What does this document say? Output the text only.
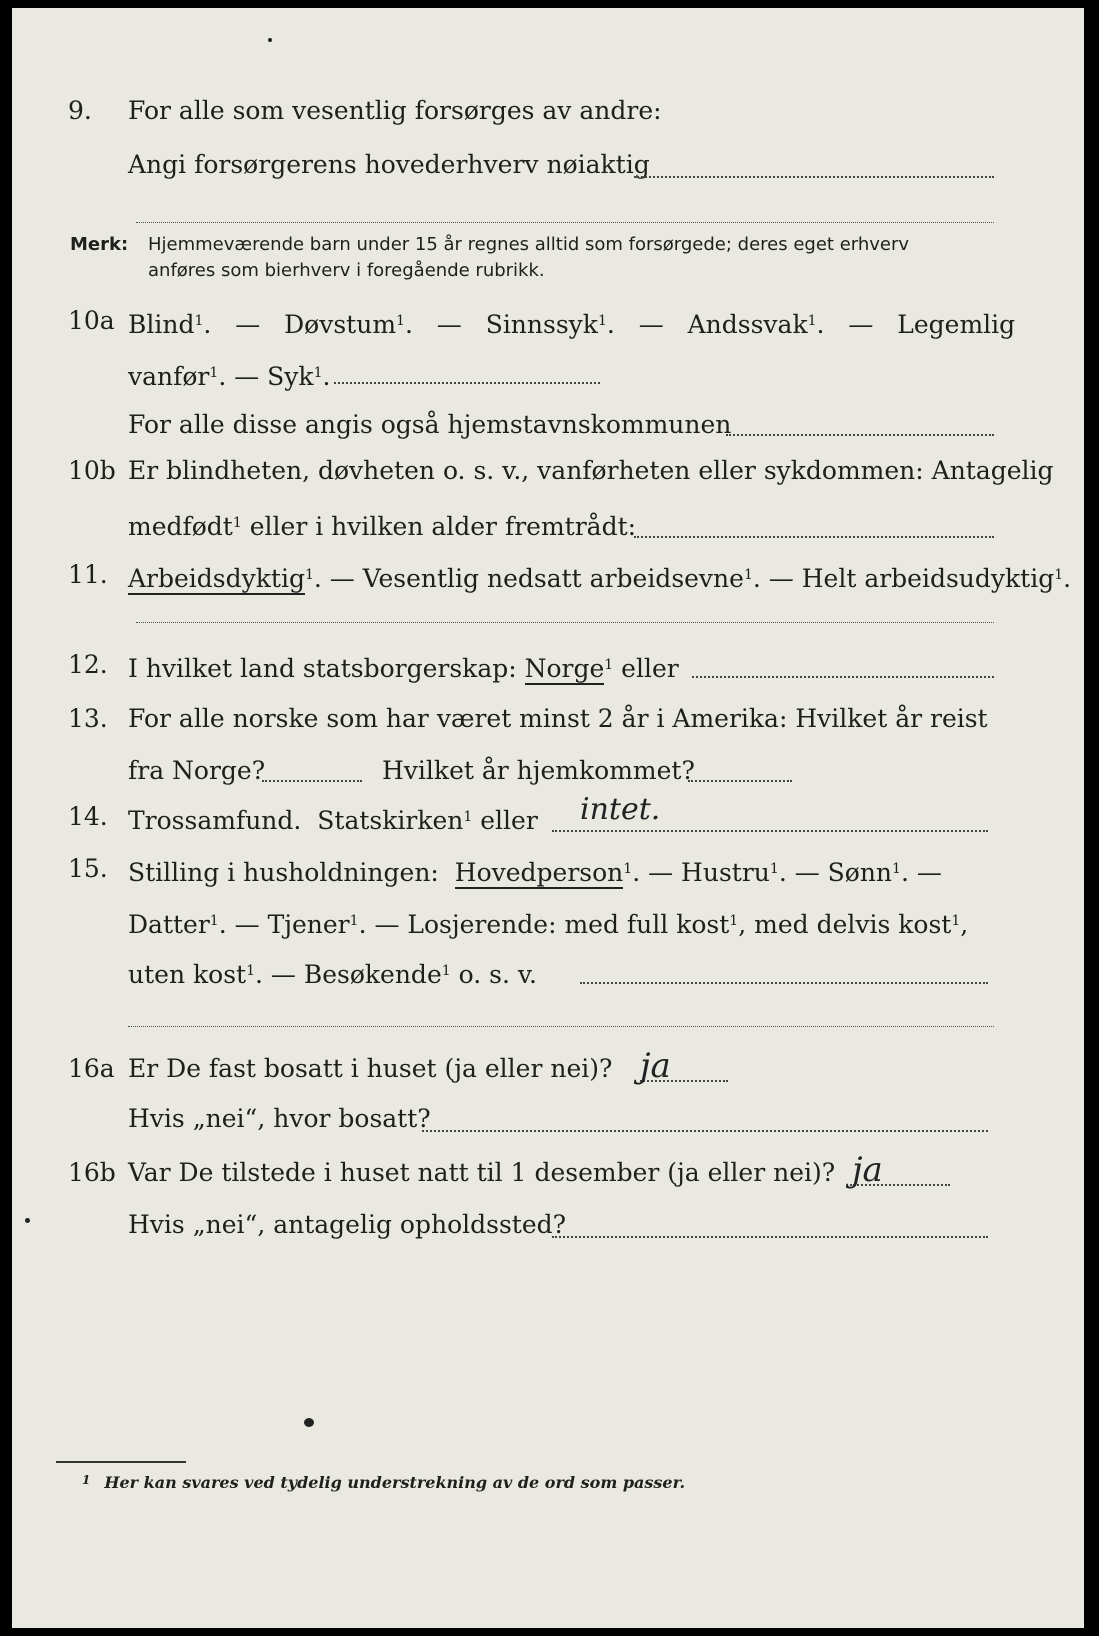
9. For alle som vesentlig forsørges av andre:
Angi forsørgerens hovederhverv nøiaktig
Merk: Hjemmeværende barn under 15 år regnes alltid som forsørgede; deres eget erhverv
anføres som bierhverv i foregående rubrikk.
10a Blind$^1$.  —  Døvstum$^1$.  —  Sinnssyk$^1$.  —  Andssvak$^1$.  —  Legemlig
vanfør$^1$. — Syk$^1$.
For alle disse angis også hjemstavnskommunen
10b Er blindheten, døvheten o. s. v., vanførheten eller sykdommen: Antagelig
medfødt$^1$ eller i hvilken alder fremtrådt:
11. Arbeidsdyktig$^1$. — Vesentlig nedsatt arbeidsevne$^1$. — Helt arbeidsudyktig$^1$.
12. I hvilket land statsborgerskap: Norge$^1$ eller
13. For alle norske som har været minst 2 år i Amerika: Hvilket år reist
fra Norge?	Hvilket år hjemkommet?
14. Trossamfund. Statskirken$^1$ eller intet.
15. Stilling i husholdningen: Hovedperson$^1$. — Hustru$^1$. — Sønn$^1$. —
Datter$^1$. — Tjener$^1$. — Losjerende: med full kost$^1$, med delvis kost$^1$,
uten kost$^1$. — Besøkende$^1$ o. s. v.
16a Er De fast bosatt i huset (ja eller nei)? ja
Hvis „nei“, hvor bosatt?
16b Var De tilstede i huset natt til 1 desember (ja eller nei)? ja
Hvis „nei“, antagelig opholdssted?
$^1$ Her kan svares ved tydelig understrekning av de ord som passer.
